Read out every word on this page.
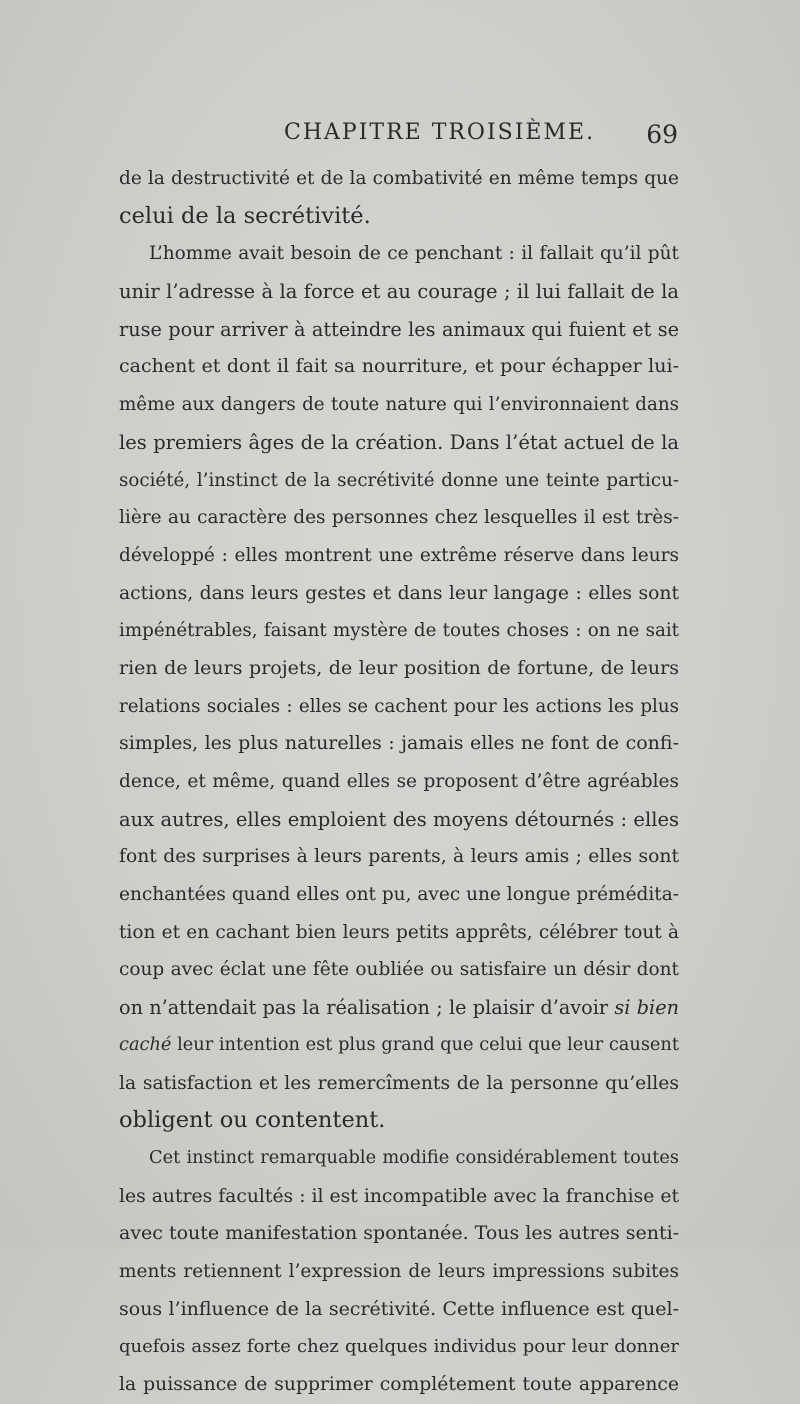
CHAPITRE TROISIÈME. 69
de la destructivité et de la combativité en même temps que
celui de la secrétivité.
L’homme avait besoin de ce penchant : il fallait qu’il pût
unir l’adresse à la force et au courage ; il lui fallait de la
ruse pour arriver à atteindre les animaux qui fuient et se
cachent et dont il fait sa nourriture, et pour échapper lui-
même aux dangers de toute nature qui l’environnaient dans
les premiers âges de la création. Dans l’état actuel de la
société, l’instinct de la secrétivité donne une teinte particu-
lière au caractère des personnes chez lesquelles il est très-
développé : elles montrent une extrême réserve dans leurs
actions, dans leurs gestes et dans leur langage : elles sont
impénétrables, faisant mystère de toutes choses : on ne sait
rien de leurs projets, de leur position de fortune, de leurs
relations sociales : elles se cachent pour les actions les plus
simples, les plus naturelles : jamais elles ne font de confi-
dence, et même, quand elles se proposent d’être agréables
aux autres, elles emploient des moyens détournés : elles
font des surprises à leurs parents, à leurs amis ; elles sont
enchantées quand elles ont pu, avec une longue prémédita-
tion et en cachant bien leurs petits apprêts, célébrer tout à
coup avec éclat une fête oubliée ou satisfaire un désir dont
on n’attendait pas la réalisation ; le plaisir d’avoir si bien
caché leur intention est plus grand que celui que leur causent
la satisfaction et les remercîments de la personne qu’elles
obligent ou contentent.
Cet instinct remarquable modifie considérablement toutes
les autres facultés : il est incompatible avec la franchise et
avec toute manifestation spontanée. Tous les autres senti-
ments retiennent l’expression de leurs impressions subites
sous l’influence de la secrétivité. Cette influence est quel-
quefois assez forte chez quelques individus pour leur donner
la puissance de supprimer complétement toute apparence
